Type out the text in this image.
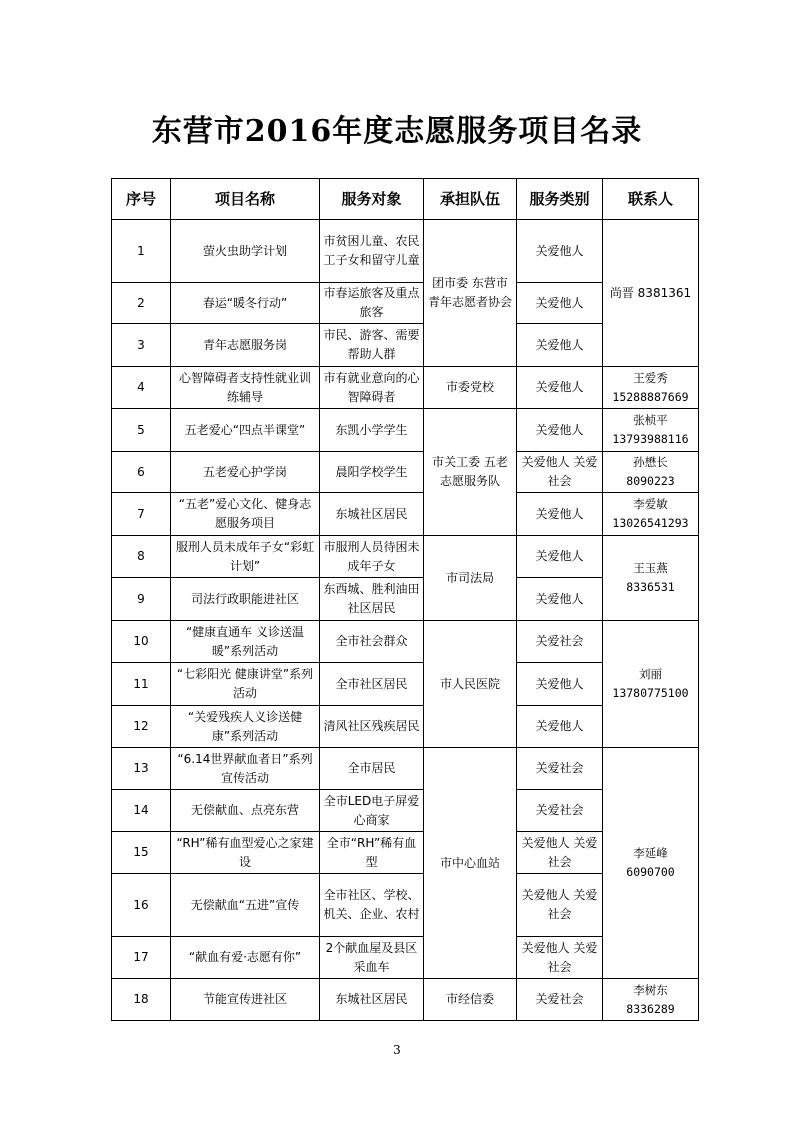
东营市2016年度志愿服务项目名录
序号	项目名称	服务对象	承担队伍	服务类别	联系人
1	萤火虫助学计划	市贫困儿童、农民工子女和留守儿童	团市委 东营市青年志愿者协会	关爱他人	尚晋 8381361
2	春运“暖冬行动”	市春运旅客及重点旅客		关爱他人	
3	青年志愿服务岗	市民、游客、需要帮助人群		关爱他人	
4	心智障碍者支持性就业训练辅导	市有就业意向的心智障碍者	市委党校	关爱他人	王爱秀 15288887669
5	五老爱心“四点半课堂”	东凯小学学生	市关工委 五老志愿服务队	关爱他人	张桢平 13793988116
6	五老爱心护学岗	晨阳学校学生		关爱他人 关爱社会	孙懋长 8090223
7	“五老”爱心文化、健身志愿服务项目	东城社区居民		关爱他人	李爱敏 13026541293
8	服刑人员未成年子女“彩虹计划”	市服刑人员待困未成年子女	市司法局	关爱他人	王玉燕 8336531
9	司法行政职能进社区	东西城、胜利油田社区居民		关爱他人	
10	“健康直通车 义诊送温暖”系列活动	全市社会群众	市人民医院	关爱社会	刘丽 13780775100
11	“七彩阳光 健康讲堂”系列活动	全市社区居民		关爱他人	
12	“关爱残疾人义诊送健康”系列活动	清风社区残疾居民		关爱他人	
13	“6.14世界献血者日”系列宣传活动	全市居民	市中心血站	关爱社会	李延峰 6090700
14	无偿献血、点亮东营	全市LED电子屏爱心商家		关爱社会	
15	“RH”稀有血型爱心之家建设	全市“RH”稀有血型		关爱他人 关爱社会	
16	无偿献血“五进”宣传	全市社区、学校、机关、企业、农村		关爱他人 关爱社会	
17	“献血有爱·志愿有你”	2个献血屋及县区采血车		关爱他人 关爱社会	
18	节能宣传进社区	东城社区居民	市经信委	关爱社会	李树东 8336289
3
